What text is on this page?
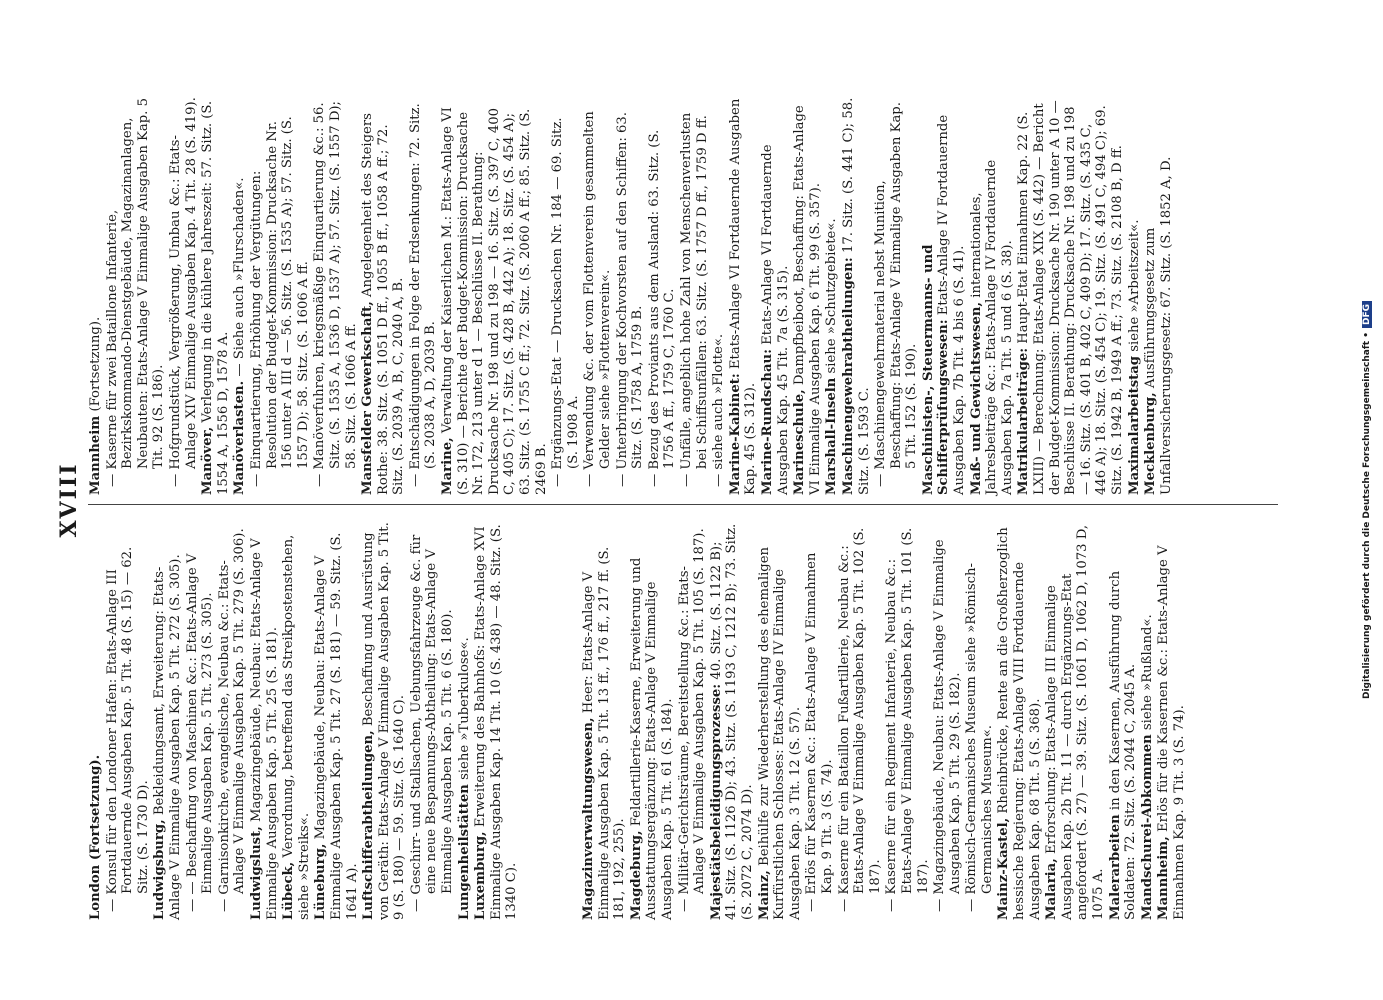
XVIII
London (Fortsetzung). — Konsul für den Londoner Hafen: Etats-Anlage III Fortdauernde Ausgaben Kap. 5 Tit. 48 (S. 15) — 62. Sitz. (S. 1730 D). Ludwigsburg, Bekleidungsamt, Erweiterung: Etats-Anlage V Einmalige Ausgaben Kap. 5 Tit. 272 (S. 305). — — Beschaffung von Maschinen &c.: Etats-Anlage V Einmalige Ausgaben Kap. 5 Tit. 273 (S. 305). — Garnisonkirche, evangelische, Neubau &c.: Etats-Anlage V Einmalige Ausgaben Kap. 5 Tit. 279 (S. 306). Ludwigslust, Magazingebäude, Neubau: Etats-Anlage V Einmalige Ausgaben Kap. 5 Tit. 25 (S. 181). Lübeck, Verordnung, betreffend das Streikpostenstehen, siehe »Streiks«. Lüneburg, Magazingebäude, Neubau: Etats-Anlage V Einmalige Ausgaben Kap. 5 Tit. 27 (S. 181) — 59. Sitz. (S. 1641 A). Luftschifferabtheilungen, Beschaffung und Ausrüstung von Geräth: Etats-Anlage V Einmalige Ausgaben Kap. 5 Tit. 9 (S. 180) — 59. Sitz. (S. 1640 C). — Geschirr- und Stallsachen, Uebungsfahrzeuge &c. für eine neue Bespannungs-Abtheilung: Etats-Anlage V Einmalige Ausgaben Kap. 5 Tit. 6 (S. 180). Lungenheilstätten siehe »Tuberkulose«.
Luxemburg, Erweiterung des Bahnhofs: Etats-Anlage XVI Einmalige Ausgaben Kap. 14 Tit. 10 (S. 438) — 48. Sitz. (S. 1340 C).	Magazinverwaltungswesen, Heer: Etats-Anlage V Einmalige Ausgaben Kap. 5 Tit. 13 ff., 176 ff., 217 ff. (S. 181, 192, 255). Magdeburg, Feldartillerie-Kaserne, Erweiterung und Ausstattungsergänzung: Etats-Anlage V Einmalige Ausgaben Kap. 5 Tit. 61 (S. 184). — Militär-Gerichtsräume, Bereitstellung &c.: Etats-Anlage V Einmalige Ausgaben Kap. 5 Tit. 105 (S. 187). Majestätsbeleidigungsprozesse: 40. Sitz. (S. 1122 B); 41. Sitz. (S. 1126 D); 43. Sitz. (S. 1193 C, 1212 B); 73. Sitz. (S. 2072 C, 2074 D). Mainz, Beihülfe zur Wiederherstellung des ehemaligen Kurfürstlichen Schlosses: Etats-Anlage IV Einmalige Ausgaben Kap. 3 Tit. 12 (S. 57). — Erlös für Kasernen &c.: Etats-Anlage V Einnahmen Kap. 9 Tit. 3 (S. 74). — Kaserne für ein Bataillon Fußartillerie, Neubau &c.: Etats-Anlage V Einmalige Ausgaben Kap. 5 Tit. 102 (S. 187). — Kaserne für ein Regiment Infanterie, Neubau &c.: Etats-Anlage V Einmalige Ausgaben Kap. 5 Tit. 101 (S. 187). — Magazingebäude, Neubau: Etats-Anlage V Einmalige Ausgaben Kap. 5 Tit. 29 (S. 182). — Römisch-Germanisches Museum siehe »Römisch-Germanisches Museum«. Mainz-Kastel, Rheinbrücke, Rente an die Großherzoglich hessische Regierung: Etats-Anlage VIII Fortdauernde Ausgaben Kap. 68 Tit. 5 (S. 368). Malaria, Erforschung: Etats-Anlage III Einmalige Ausgaben Kap. 2b Tit. 11 — durch Ergänzungs-Etat angefordert (S. 27) — 39. Sitz. (S. 1061 D, 1062 D, 1073 D, 1075 A. Malerarbeiten in den Kasernen, Ausführung durch Soldaten: 72. Sitz. (S. 2044 C, 2045 A. Mandschurei-Abkommen siehe »Rußland«.
Mannheim, Erlös für die Kasernen &c.: Etats-Anlage V Einnahmen Kap. 9 Tit. 3 (S. 74).
Mannheim (Fortsetzung). — Kaserne für zwei Bataillone Infanterie, Bezirkskommando-Dienstgebäude, Magazinanlagen, Neubauten: Etats-Anlage V Einmalige Ausgaben Kap. 5 Tit. 92 (S. 186). — Hofgrundstück, Vergrößerung, Umbau &c.: Etats-Anlage XIV Einmalige Ausgaben Kap. 4 Tit. 28 (S. 419). Manöver, Verlegung in die kühlere Jahreszeit: 57. Sitz. (S. 1554 A, 1556 D, 1578 A. Manöverlasten. — Siehe auch »Flurschaden«. — Einquartierung, Erhöhung der Vergütungen: Resolution der Budget-Kommission: Drucksache Nr. 156 unter A III d — 56. Sitz. (S. 1535 A); 57. Sitz. (S. 1557 D); 58. Sitz. (S. 1606 A ff. — Manöverfuhren, kriegsmäßige Einquartierung &c.: 56. Sitz. (S. 1535 A, 1536 D, 1537 A); 57. Sitz. (S. 1557 D); 58. Sitz. (S. 1606 A ff. Mansfelder Gewerkschaft, Angelegenheit des Steigers Rothe: 38. Sitz. (S. 1051 D ff., 1055 B ff., 1058 A ff.; 72. Sitz. (S. 2039 A, B, C, 2040 A, B. — Entschädigungen in Folge der Erdsenkungen: 72. Sitz. (S. 2038 A, D, 2039 B. Marine, Verwaltung der Kaiserlichen M.: Etats-Anlage VI (S. 310) — Berichte der Budget-Kommission: Drucksache Nr. 172, 213 unter d 1 — Beschlüsse II. Berathung: Drucksache Nr. 198 und zu 198 — 16. Sitz. (S. 397 C, 400 C, 405 C); 17. Sitz. (S. 428 B, 442 A); 18. Sitz. (S. 454 A); 63. Sitz. (S. 1755 C ff.; 72. Sitz. (S. 2060 A ff.; 85. Sitz. (S. 2469 B. — Ergänzungs-Etat — Drucksachen Nr. 184 — 69. Sitz. (S. 1908 A. — Verwendung &c. der vom Flottenverein gesammelten Gelder siehe »Flottenverein«. — Unterbringung der Kochvorsten auf den Schiffen: 63. Sitz. (S. 1758 A, 1759 B. — Bezug des Proviants aus dem Ausland: 63. Sitz. (S. 1756 A ff., 1759 C, 1760 C. — Unfälle, angeblich hohe Zahl von Menschenverlusten bei Schiffsunfällen: 63. Sitz. (S. 1757 D ff., 1759 D ff. — siehe auch »Flotte«. Marine-Kabinet: Etats-Anlage VI Fortdauernde Ausgaben Kap. 45 (S. 312). Marine-Rundschau: Etats-Anlage VI Fortdauernde Ausgaben Kap. 45 Tit. 7a (S. 315). Marineschule, Dampfbeiboot, Beschaffung: Etats-Anlage VI Einmalige Ausgaben Kap. 6 Tit. 99 (S. 357). Marshall-Inseln siehe »Schutzgebiete«. Maschinengewehrabtheilungen: 17. Sitz. (S. 441 C); 58. Sitz. (S. 1593 C. — Maschinengewehrmaterial nebst Munition, Beschaffung: Etats-Anlage V Einmalige Ausgaben Kap. 5 Tit. 152 (S. 190). Maschinisten-, Steuermanns- und Schifferprüfungswesen: Etats-Anlage IV Fortdauernde Ausgaben Kap. 7b Tit. 4 bis 6 (S. 41). Maß- und Gewichtswesen, internationales, Jahresbeiträge &c.: Etats-Anlage IV Fortdauernde Ausgaben Kap. 7a Tit. 5 und 6 (S. 38). Matrikularbeiträge: Haupt-Etat Einnahmen Kap. 22 (S. LXIII) — Berechnung: Etats-Anlage XIX (S. 442) — Bericht der Budget-Kommission: Drucksache Nr. 190 unter A 10 — Beschlüsse II. Berathung: Drucksache Nr. 198 und zu 198 — 16. Sitz. (S. 401 B, 402 C, 409 D); 17. Sitz. (S. 435 C, 446 A); 18. Sitz. (S. 454 C); 19. Sitz. (S. 491 C, 494 C); 69. Sitz. (S. 1942 B, 1949 A ff.; 73. Sitz. (S. 2108 B, D ff. Maximalarbeitstag siehe »Arbeitszeit«.
Mecklenburg, Ausführungsgesetz zum Unfallversicherungsgesetz: 67. Sitz. (S. 1852 A, D.
Digitalisierung gefördert durch die Deutsche Forschungsgemeinschaft •DFG
